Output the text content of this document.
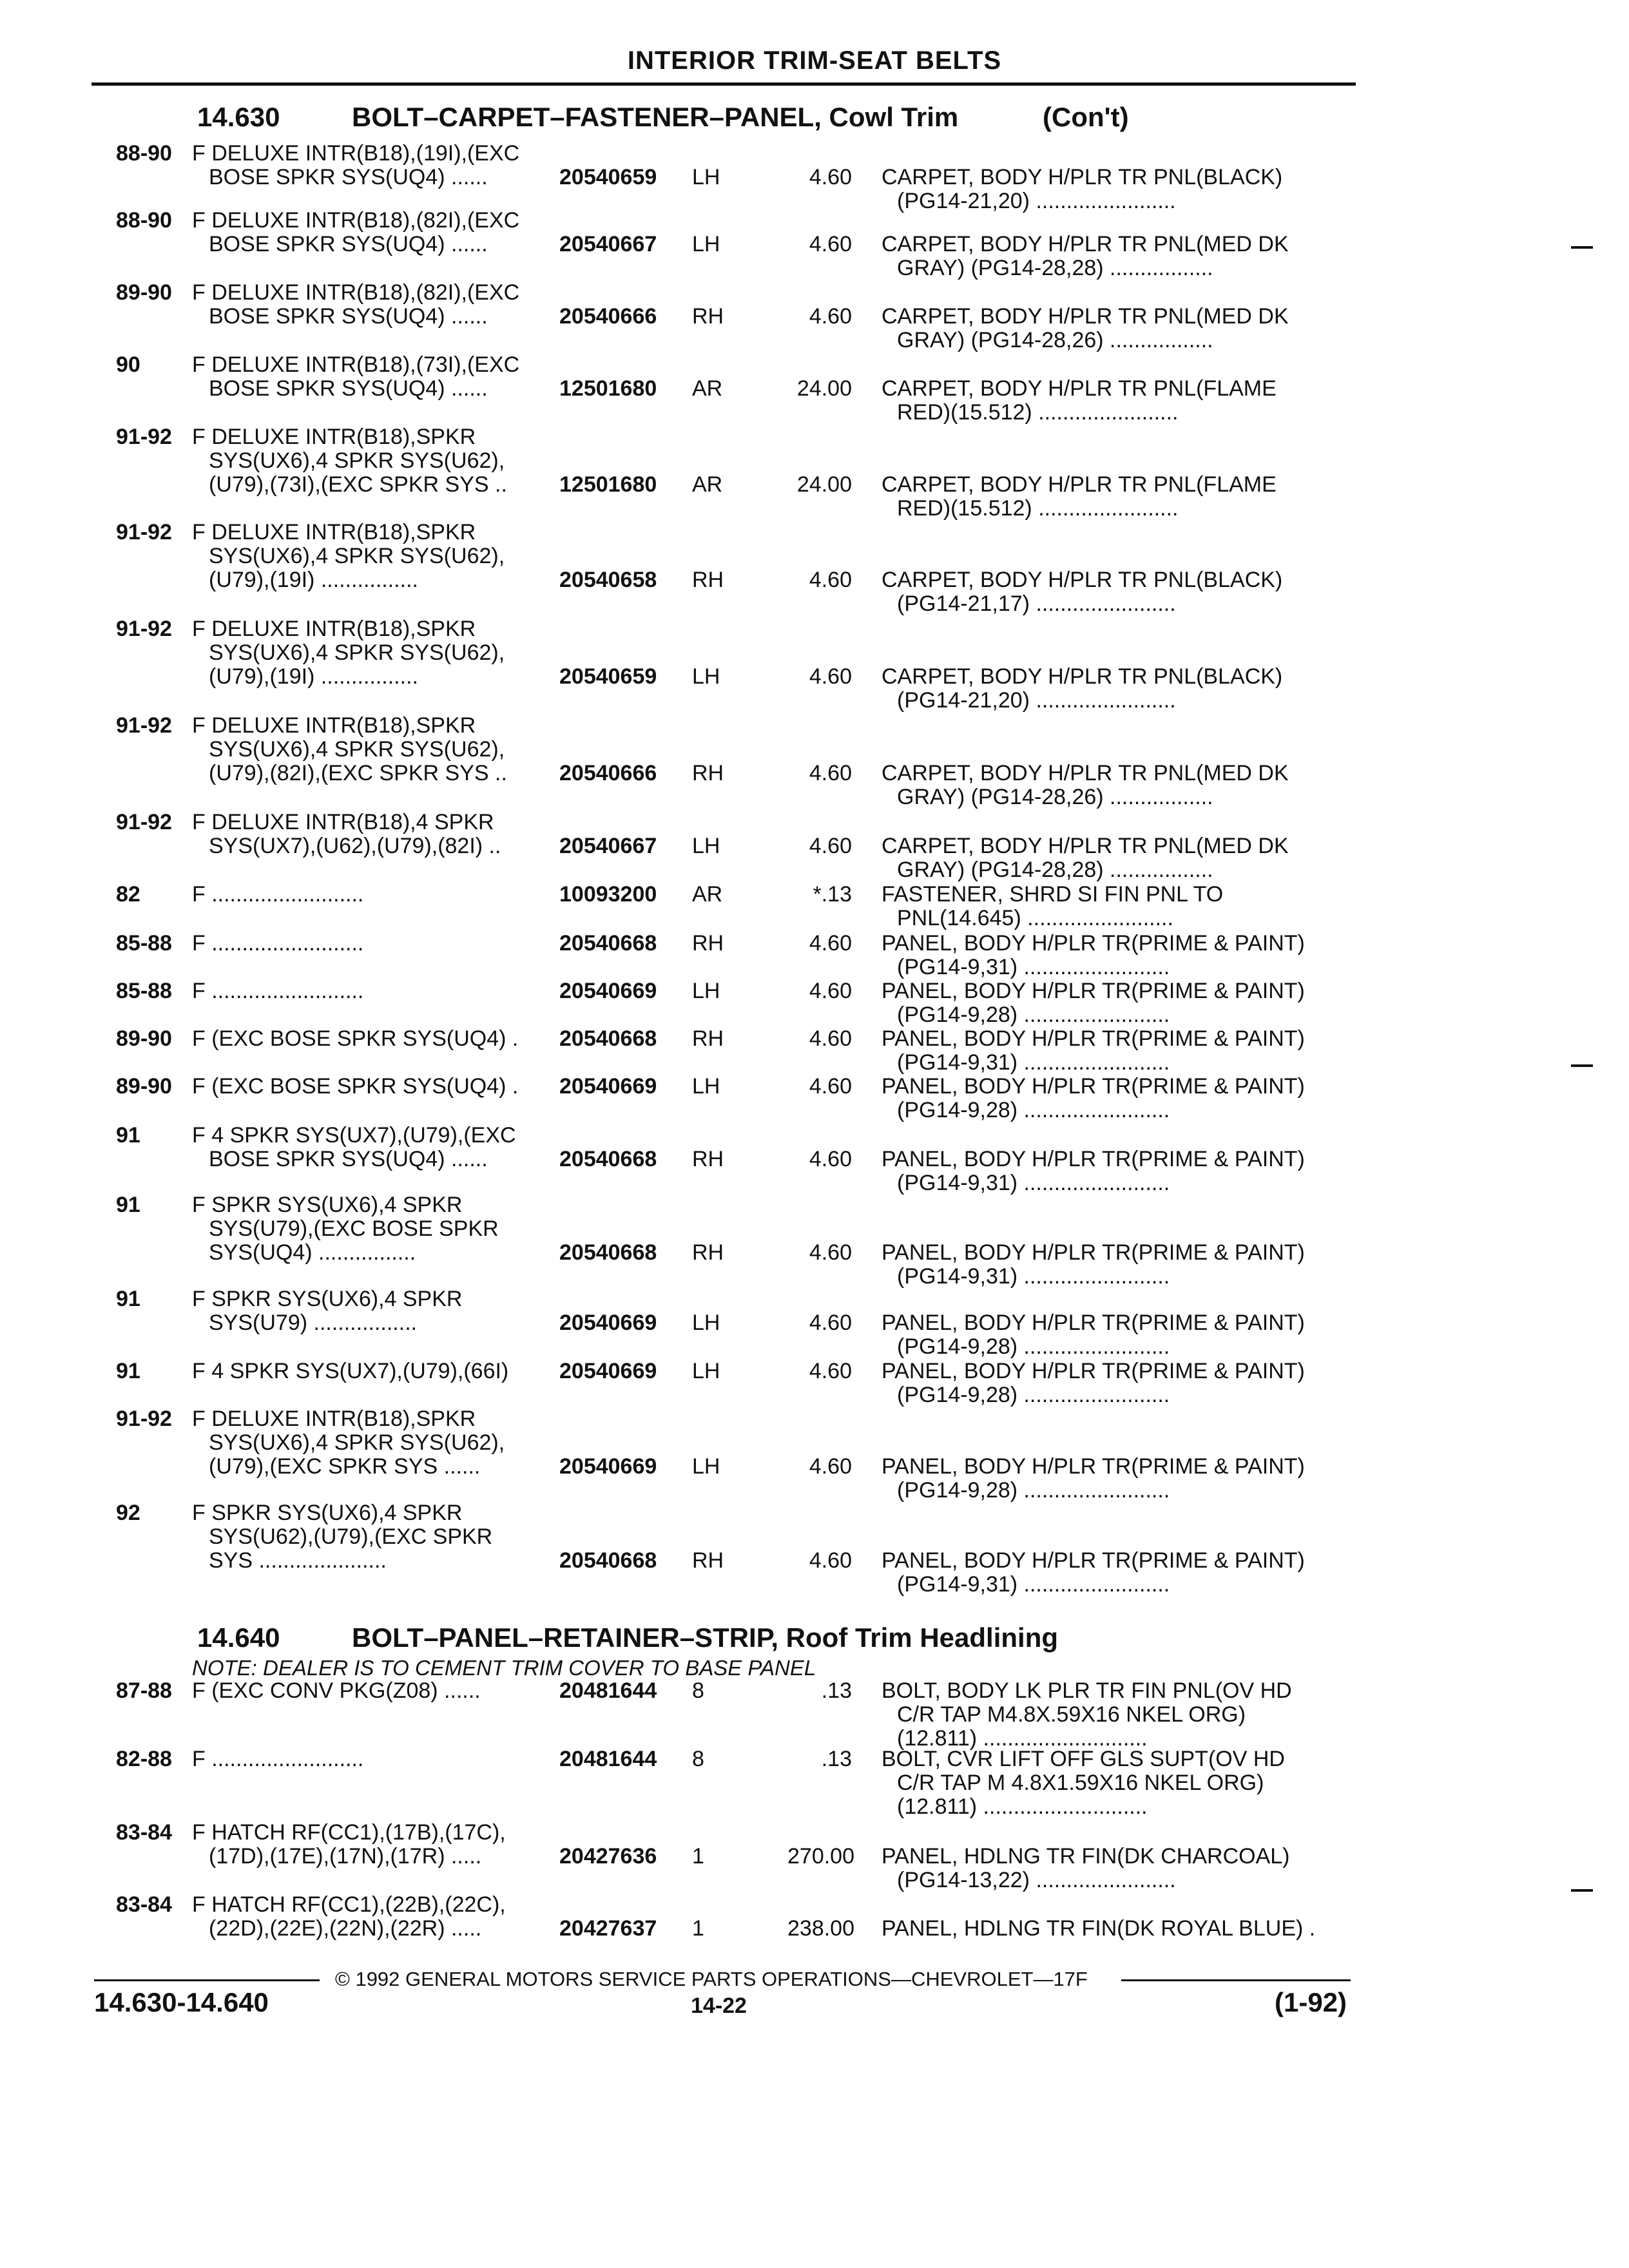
INTERIOR TRIM-SEAT BELTS
14.630	BOLT–CARPET–FASTENER–PANEL, Cowl Trim	(Con't)
88-90 F DELUXE INTR(B18),(19I),(EXC
BOSE SPKR SYS(UQ4) ......	20540659 LH	4.60 CARPET, BODY H/PLR TR PNL(BLACK)
(PG14-21,20) .......................
88-90 F DELUXE INTR(B18),(82I),(EXC
BOSE SPKR SYS(UQ4) ......	20540667 LH	4.60 CARPET, BODY H/PLR TR PNL(MED DK
GRAY) (PG14-28,28) .................
89-90 F DELUXE INTR(B18),(82I),(EXC
BOSE SPKR SYS(UQ4) ......	20540666 RH	4.60 CARPET, BODY H/PLR TR PNL(MED DK
GRAY) (PG14-28,26) .................
90 F DELUXE INTR(B18),(73I),(EXC
BOSE SPKR SYS(UQ4) ......	12501680 AR	24.00 CARPET, BODY H/PLR TR PNL(FLAME
RED)(15.512) .......................
91-92 F DELUXE INTR(B18),SPKR
SYS(UX6),4 SPKR SYS(U62),
(U79),(73I),(EXC SPKR SYS .. 12501680 AR	24.00 CARPET, BODY H/PLR TR PNL(FLAME
RED)(15.512) .......................
91-92 F DELUXE INTR(B18),SPKR
SYS(UX6),4 SPKR SYS(U62),
(U79),(19I) ................	20540658 RH	4.60 CARPET, BODY H/PLR TR PNL(BLACK)
(PG14-21,17) .......................
91-92 F DELUXE INTR(B18),SPKR
SYS(UX6),4 SPKR SYS(U62),
(U79),(19I) ................	20540659 LH	4.60 CARPET, BODY H/PLR TR PNL(BLACK)
(PG14-21,20) .......................
91-92 F DELUXE INTR(B18),SPKR
SYS(UX6),4 SPKR SYS(U62),
(U79),(82I),(EXC SPKR SYS .. 20540666 RH	4.60 CARPET, BODY H/PLR TR PNL(MED DK
GRAY) (PG14-28,26) .................
91-92 F DELUXE INTR(B18),4 SPKR
SYS(UX7),(U62),(U79),(82I) ..	20540667 LH	4.60 CARPET, BODY H/PLR TR PNL(MED DK
GRAY) (PG14-28,28) .................
82 F .........................	10093200 AR	*.13 FASTENER, SHRD SI FIN PNL TO
PNL(14.645) ........................
85-88 F .........................	20540668 RH	4.60 PANEL, BODY H/PLR TR(PRIME & PAINT)
(PG14-9,31) ........................
85-88 F .........................	20540669 LH	4.60 PANEL, BODY H/PLR TR(PRIME & PAINT)
(PG14-9,28) ........................
89-90 F (EXC BOSE SPKR SYS(UQ4) . 20540668 RH	4.60 PANEL, BODY H/PLR TR(PRIME & PAINT)
(PG14-9,31) ........................
89-90 F (EXC BOSE SPKR SYS(UQ4) . 20540669 LH	4.60 PANEL, BODY H/PLR TR(PRIME & PAINT)
(PG14-9,28) ........................
91 F 4 SPKR SYS(UX7),(U79),(EXC
BOSE SPKR SYS(UQ4) ......	20540668 RH	4.60 PANEL, BODY H/PLR TR(PRIME & PAINT)
(PG14-9,31) ........................
91 F SPKR SYS(UX6),4 SPKR
SYS(U79),(EXC BOSE SPKR
SYS(UQ4) ................	20540668 RH	4.60 PANEL, BODY H/PLR TR(PRIME & PAINT)
(PG14-9,31) ........................
91 F SPKR SYS(UX6),4 SPKR
SYS(U79) .................	20540669 LH	4.60 PANEL, BODY H/PLR TR(PRIME & PAINT)
(PG14-9,28) ........................
91 F 4 SPKR SYS(UX7),(U79),(66I) 20540669 LH	4.60 PANEL, BODY H/PLR TR(PRIME & PAINT)
(PG14-9,28) ........................
91-92 F DELUXE INTR(B18),SPKR
SYS(UX6),4 SPKR SYS(U62),
(U79),(EXC SPKR SYS ......	20540669 LH	4.60 PANEL, BODY H/PLR TR(PRIME & PAINT)
(PG14-9,28) ........................
92 F SPKR SYS(UX6),4 SPKR
SYS(U62),(U79),(EXC SPKR
SYS .....................	20540668 RH	4.60 PANEL, BODY H/PLR TR(PRIME & PAINT)
(PG14-9,31) ........................
14.640	BOLT–PANEL–RETAINER–STRIP, Roof Trim Headlining
NOTE: DEALER IS TO CEMENT TRIM COVER TO BASE PANEL
87-88 F (EXC CONV PKG(Z08) ......	20481644 8	.13 BOLT, BODY LK PLR TR FIN PNL(OV HD
C/R TAP M4.8X.59X16 NKEL ORG)
(12.811) ...........................
82-88 F .........................	20481644 8	.13 BOLT, CVR LIFT OFF GLS SUPT(OV HD
C/R TAP M 4.8X1.59X16 NKEL ORG)
(12.811) ...........................
83-84 F HATCH RF(CC1),(17B),(17C),
(17D),(17E),(17N),(17R) .....	20427636 1	270.00 PANEL, HDLNG TR FIN(DK CHARCOAL)
(PG14-13,22) .......................
83-84 F HATCH RF(CC1),(22B),(22C),
(22D),(22E),(22N),(22R) .....	20427637 1	238.00 PANEL, HDLNG TR FIN(DK ROYAL BLUE) .
© 1992 GENERAL MOTORS SERVICE PARTS OPERATIONS—CHEVROLET—17F
14.630-14.640	14-22	(1-92)
